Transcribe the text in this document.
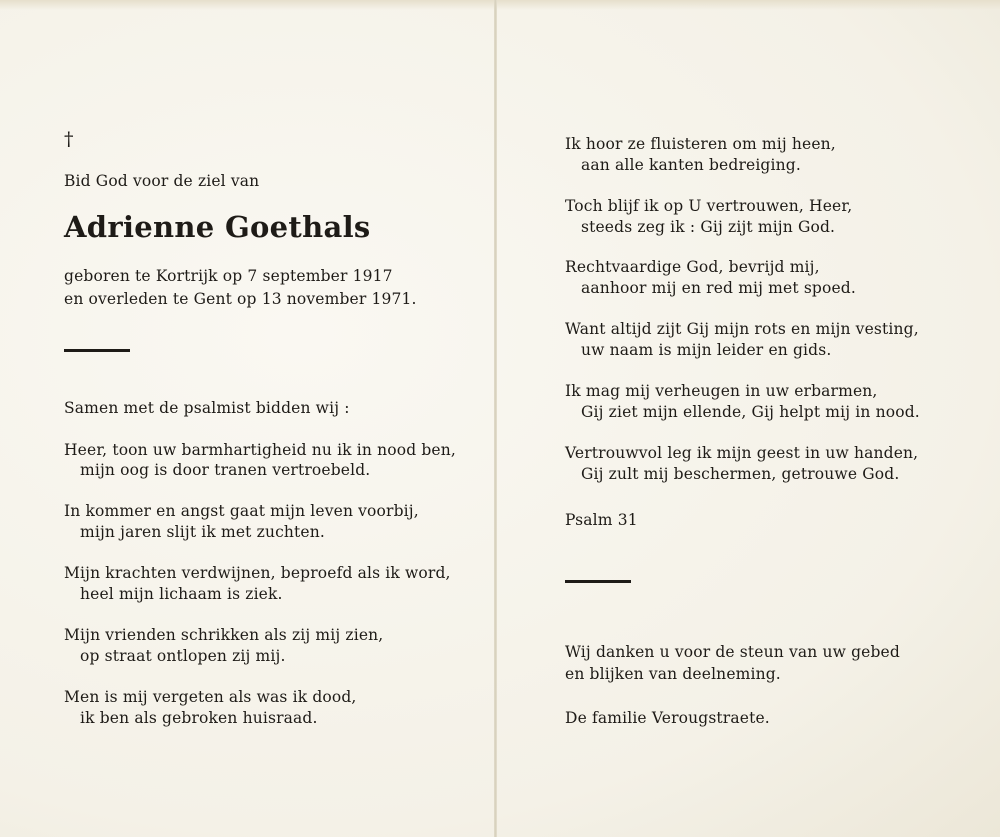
†
Bid God voor de ziel van
Adrienne Goethals
geboren te Kortrijk op 7 september 1917
en overleden te Gent op 13 november 1971.
Samen met de psalmist bidden wij :
Heer, toon uw barmhartigheid nu ik in nood ben,
mijn oog is door tranen vertroebeld.
In kommer en angst gaat mijn leven voorbij,
mijn jaren slijt ik met zuchten.
Mijn krachten verdwijnen, beproefd als ik word,
heel mijn lichaam is ziek.
Mijn vrienden schrikken als zij mij zien,
op straat ontlopen zij mij.
Men is mij vergeten als was ik dood,
ik ben als gebroken huisraad.
Ik hoor ze fluisteren om mij heen,
aan alle kanten bedreiging.
Toch blijf ik op U vertrouwen, Heer,
steeds zeg ik : Gij zijt mijn God.
Rechtvaardige God, bevrijd mij,
aanhoor mij en red mij met spoed.
Want altijd zijt Gij mijn rots en mijn vesting,
uw naam is mijn leider en gids.
Ik mag mij verheugen in uw erbarmen,
Gij ziet mijn ellende, Gij helpt mij in nood.
Vertrouwvol leg ik mijn geest in uw handen,
Gij zult mij beschermen, getrouwe God.
Psalm 31
Wij danken u voor de steun van uw gebed
en blijken van deelneming.
De familie Verougstraete.
